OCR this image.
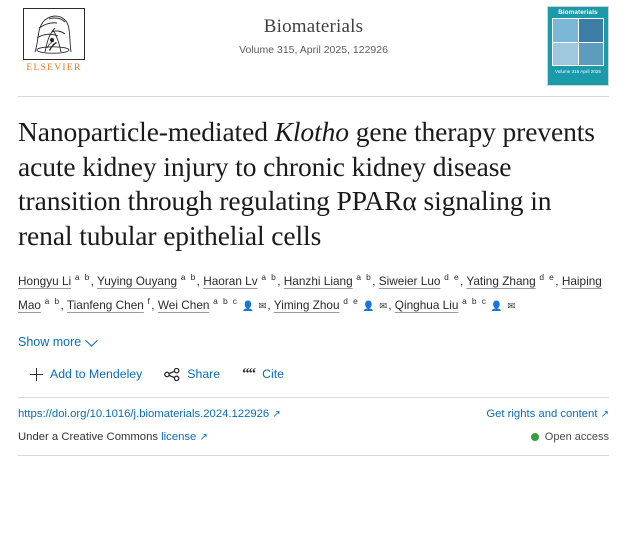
ELSEVIER
Biomaterials
Volume 315, April 2025, 122926
Biomaterials
Volume 315 April 2025
Nanoparticle-mediated Klotho gene therapy prevents acute kidney injury to chronic kidney disease transition through regulating PPARα signaling in renal tubular epithelial cells
Hongyu Li $^{a b}$, Yuying Ouyang $^{a b}$, Haoran Lv $^{a b}$, Hanzhi Liang $^{a b}$, Siweier Luo $^{d e}$, Yating Zhang $^{d e}$, Haiping Mao $^{a b}$, Tianfeng Chen $^f$, Wei Chen $^{a b c}$ 👤 ✉, Yiming Zhou $^{d e}$ 👤 ✉, Qinghua Liu $^{a b c}$ 👤 ✉
Show more
Add to Mendeley	Share ““ Cite
https://doi.org/10.1016/j.biomaterials.2024.122926 ↗	Get rights and content ↗
Under a Creative Commons license ↗	Open access
